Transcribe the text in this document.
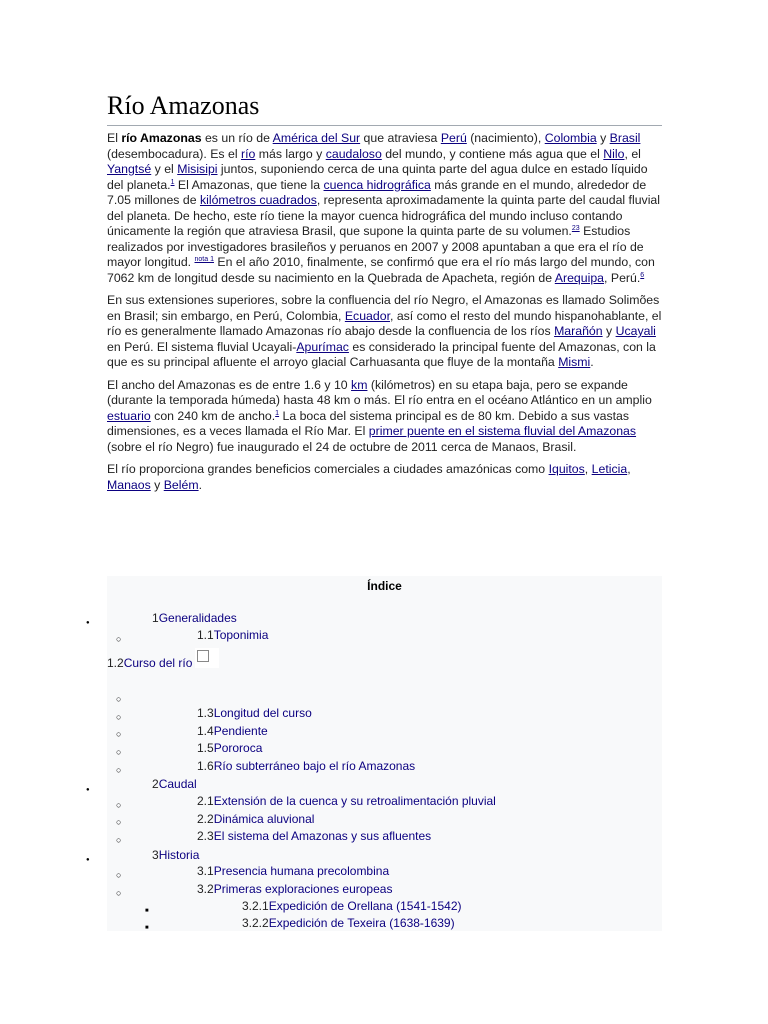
Río Amazonas

El río Amazonas es un río de América del Sur que atraviesa Perú (nacimiento), Colombia y Brasil (desembocadura). Es el río más largo y caudaloso del mundo, y contiene más agua que el Nilo, el Yangtsé y el Misisipi juntos, suponiendo cerca de una quinta parte del agua dulce en estado líquido del planeta.$^1$ El Amazonas, que tiene la cuenca hidrográfica más grande en el mundo, alrededor de 7.05 millones de kilómetros cuadrados, representa aproximadamente la quinta parte del caudal fluvial del planeta. De hecho, este río tiene la mayor cuenca hidrográfica del mundo incluso contando únicamente la región que atraviesa Brasil, que supone la quinta parte de su volumen.$^{23}$ Estudios realizados por investigadores brasileños y peruanos en 2007 y 2008 apuntaban a que era el río de mayor longitud. $^{nota 1}$ En el año 2010, finalmente, se confirmó que era el río más largo del mundo, con 7062 km de longitud desde su nacimiento en la Quebrada de Apacheta, región de Arequipa, Perú.$^6$

En sus extensiones superiores, sobre la confluencia del río Negro, el Amazonas es llamado Solimões en Brasil; sin embargo, en Perú, Colombia, Ecuador, así como el resto del mundo hispanohablante, el río es generalmente llamado Amazonas río abajo desde la confluencia de los ríos Marañón y Ucayali en Perú. El sistema fluvial Ucayali-Apurímac es considerado la principal fuente del Amazonas, con la que es su principal afluente el arroyo glacial Carhuasanta que fluye de la montaña Mismi.

El ancho del Amazonas es de entre 1.6 y 10 km (kilómetros) en su etapa baja, pero se expande (durante la temporada húmeda) hasta 48 km o más. El río entra en el océano Atlántico en un amplio estuario con 240 km de ancho.$^1$ La boca del sistema principal es de 80 km. Debido a sus vastas dimensiones, es a veces llamada el Río Mar. El primer puente en el sistema fluvial del Amazonas (sobre el río Negro) fue inaugurado el 24 de octubre de 2011 cerca de Manaos, Brasil.

El río proporciona grandes beneficios comerciales a ciudades amazónicas como Iquitos, Leticia, Manaos y Belém.

Índice
●
1Generalidades
○
1.1Toponimia
1.2Curso del río
○
○
1.3Longitud del curso
○
1.4Pendiente
○
1.5Pororoca
○
1.6Río subterráneo bajo el río Amazonas
●
2Caudal
○
2.1Extensión de la cuenca y su retroalimentación pluvial
○
2.2Dinámica aluvional
○
2.3El sistema del Amazonas y sus afluentes
●
3Historia
○
3.1Presencia humana precolombina
○
3.2Primeras exploraciones europeas
■
3.2.1Expedición de Orellana (1541-1542)
■
3.2.2Expedición de Texeira (1638-1639)
